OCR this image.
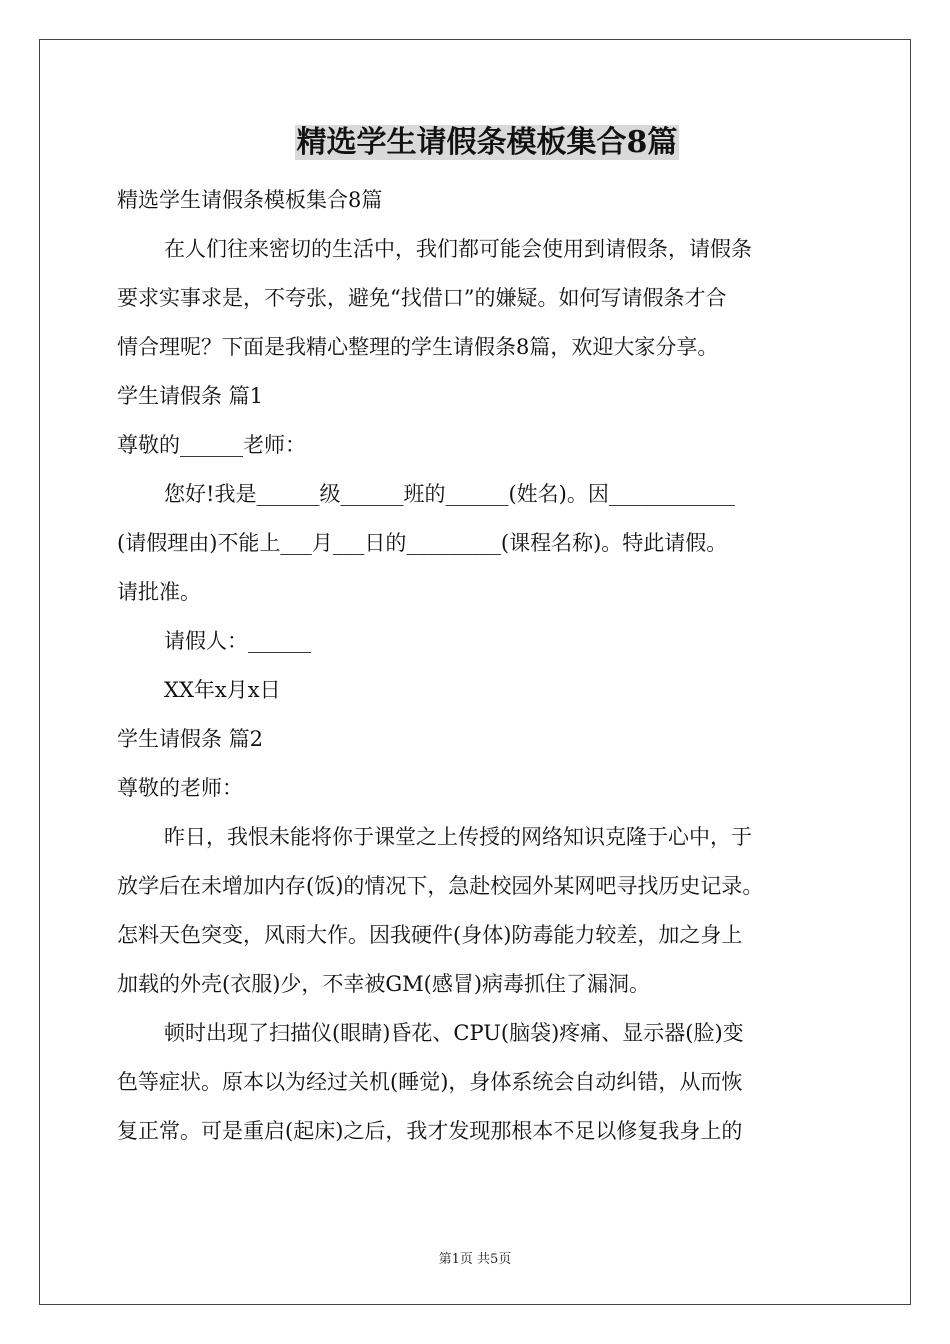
精选学生请假条模板集合8篇
精选学生请假条模板集合8篇
在人们往来密切的生活中，我们都可能会使用到请假条，请假条
要求实事求是，不夸张，避免“找借口”的嫌疑。如何写请假条才合
情合理呢？下面是我精心整理的学生请假条8篇，欢迎大家分享。
学生请假条 篇1
尊敬的______老师：
您好!我是______级______班的______(姓名)。因____________
(请假理由)不能上___月___日的_________(课程名称)。特此请假。
请批准。
请假人：______
XX年x月x日
学生请假条 篇2
尊敬的老师：
昨日，我恨未能将你于课堂之上传授的网络知识克隆于心中，于
放学后在未增加内存(饭)的情况下，急赴校园外某网吧寻找历史记录。
怎料天色突变，风雨大作。因我硬件(身体)防毒能力较差，加之身上
加载的外壳(衣服)少，不幸被GM(感冒)病毒抓住了漏洞。
顿时出现了扫描仪(眼睛)昏花、CPU(脑袋)疼痛、显示器(脸)变
色等症状。原本以为经过关机(睡觉)，身体系统会自动纠错，从而恢
复正常。可是重启(起床)之后，我才发现那根本不足以修复我身上的
第1页 共5页
